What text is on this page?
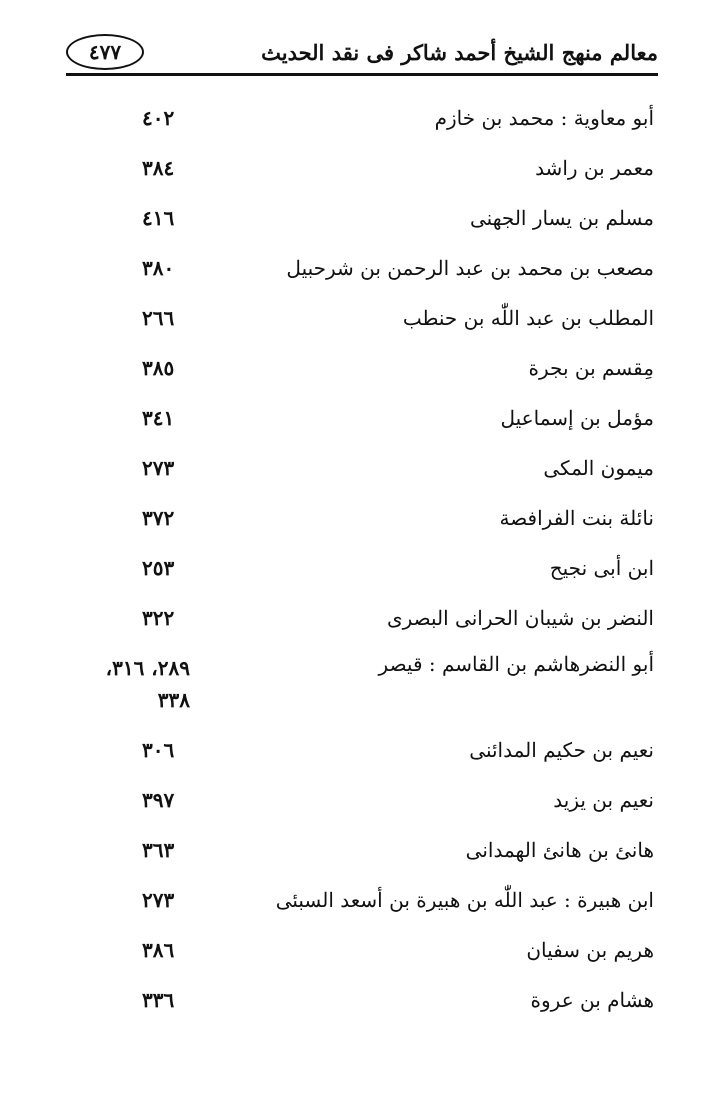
٤٧٧	معالم منهج الشيخ أحمد شاكر فى نقد الحديث
أبو معاوية : محمد بن خازم
٤٠٢
معمر بن راشد
٣٨٤
مسلم بن يسار الجهنى
٤١٦
مصعب بن محمد بن عبد الرحمن بن شرحبيل
٣٨٠
المطلب بن عبد اللّٰه بن حنطب
٢٦٦
مِقسم بن بجرة
٣٨٥
مؤمل بن إسماعيل
٣٤١
ميمون المكى
٢٧٣
نائلة بنت الفرافصة
٣٧٢
ابن أبى نجيح
٢٥٣
النضر بن شيبان الحرانى البصرى
٣٢٢
أبو النضرهاشم بن القاسم : قيصر
٢٨٩، ٣١٦،
٣٣٨
نعيم بن حكيم المدائنى
٣٠٦
نعيم بن يزيد
٣٩٧
هانئ بن هانئ الهمدانى
٣٦٣
ابن هبيرة : عبد اللّٰه بن هبيرة بن أسعد السبئى
٢٧٣
هريم بن سفيان
٣٨٦
هشام بن عروة
٣٣٦
